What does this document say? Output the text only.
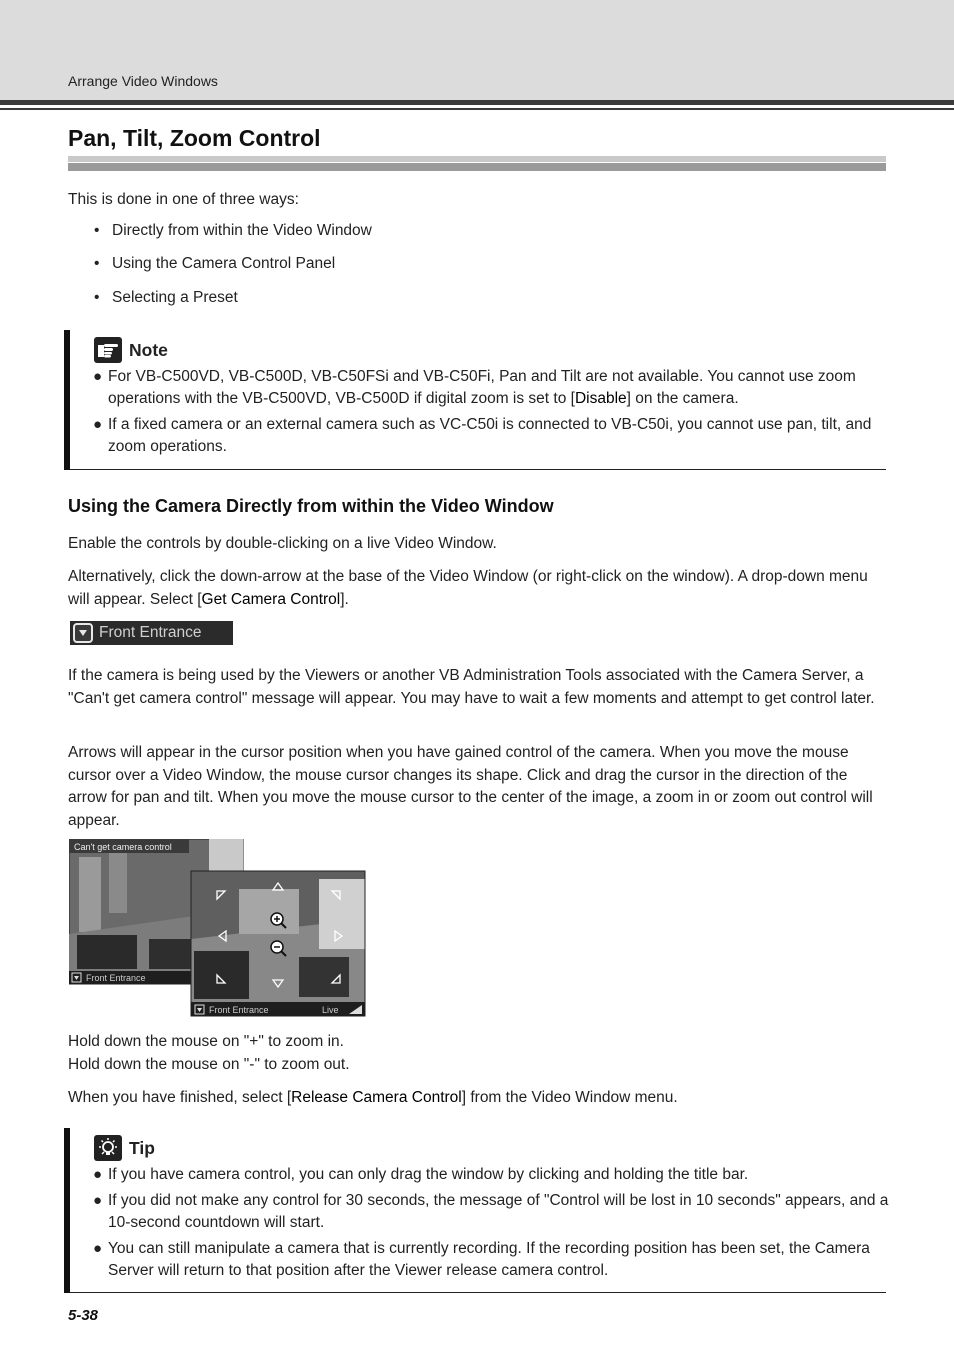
Arrange Video Windows
Pan, Tilt, Zoom Control
This is done in one of three ways:
• Directly from within the Video Window
• Using the Camera Control Panel
• Selecting a Preset
Note
● For VB-C500VD, VB-C500D, VB-C50FSi and VB-C50Fi, Pan and Tilt are not available. You cannot use zoom operations with the VB-C500VD, VB-C500D if digital zoom is set to [Disable] on the camera.
● If a fixed camera or an external camera such as VC-C50i is connected to VB-C50i, you cannot use pan, tilt, and zoom operations.
Using the Camera Directly from within the Video Window
Enable the controls by double-clicking on a live Video Window.
Alternatively, click the down-arrow at the base of the Video Window (or right-click on the window). A drop-down menu will appear. Select [Get Camera Control].
Front Entrance
If the camera is being used by the Viewers or another VB Administration Tools associated with the Camera Server, a "Can't get camera control" message will appear. You may have to wait a few moments and attempt to get control later.
Arrows will appear in the cursor position when you have gained control of the camera. When you move the mouse cursor over a Video Window, the mouse cursor changes its shape. Click and drag the cursor in the direction of the arrow for pan and tilt. When you move the mouse cursor to the center of the image, a zoom in or zoom out control will appear.
Can't get camera control
Front Entrance
Front Entrance	Live
Hold down the mouse on "+" to zoom in.
Hold down the mouse on "-" to zoom out.
When you have finished, select [Release Camera Control] from the Video Window menu.
Tip
● If you have camera control, you can only drag the window by clicking and holding the title bar.
● If you did not make any control for 30 seconds, the message of "Control will be lost in 10 seconds" appears, and a 10-second countdown will start.
● You can still manipulate a camera that is currently recording. If the recording position has been set, the Camera Server will return to that position after the Viewer release camera control.
5-38
